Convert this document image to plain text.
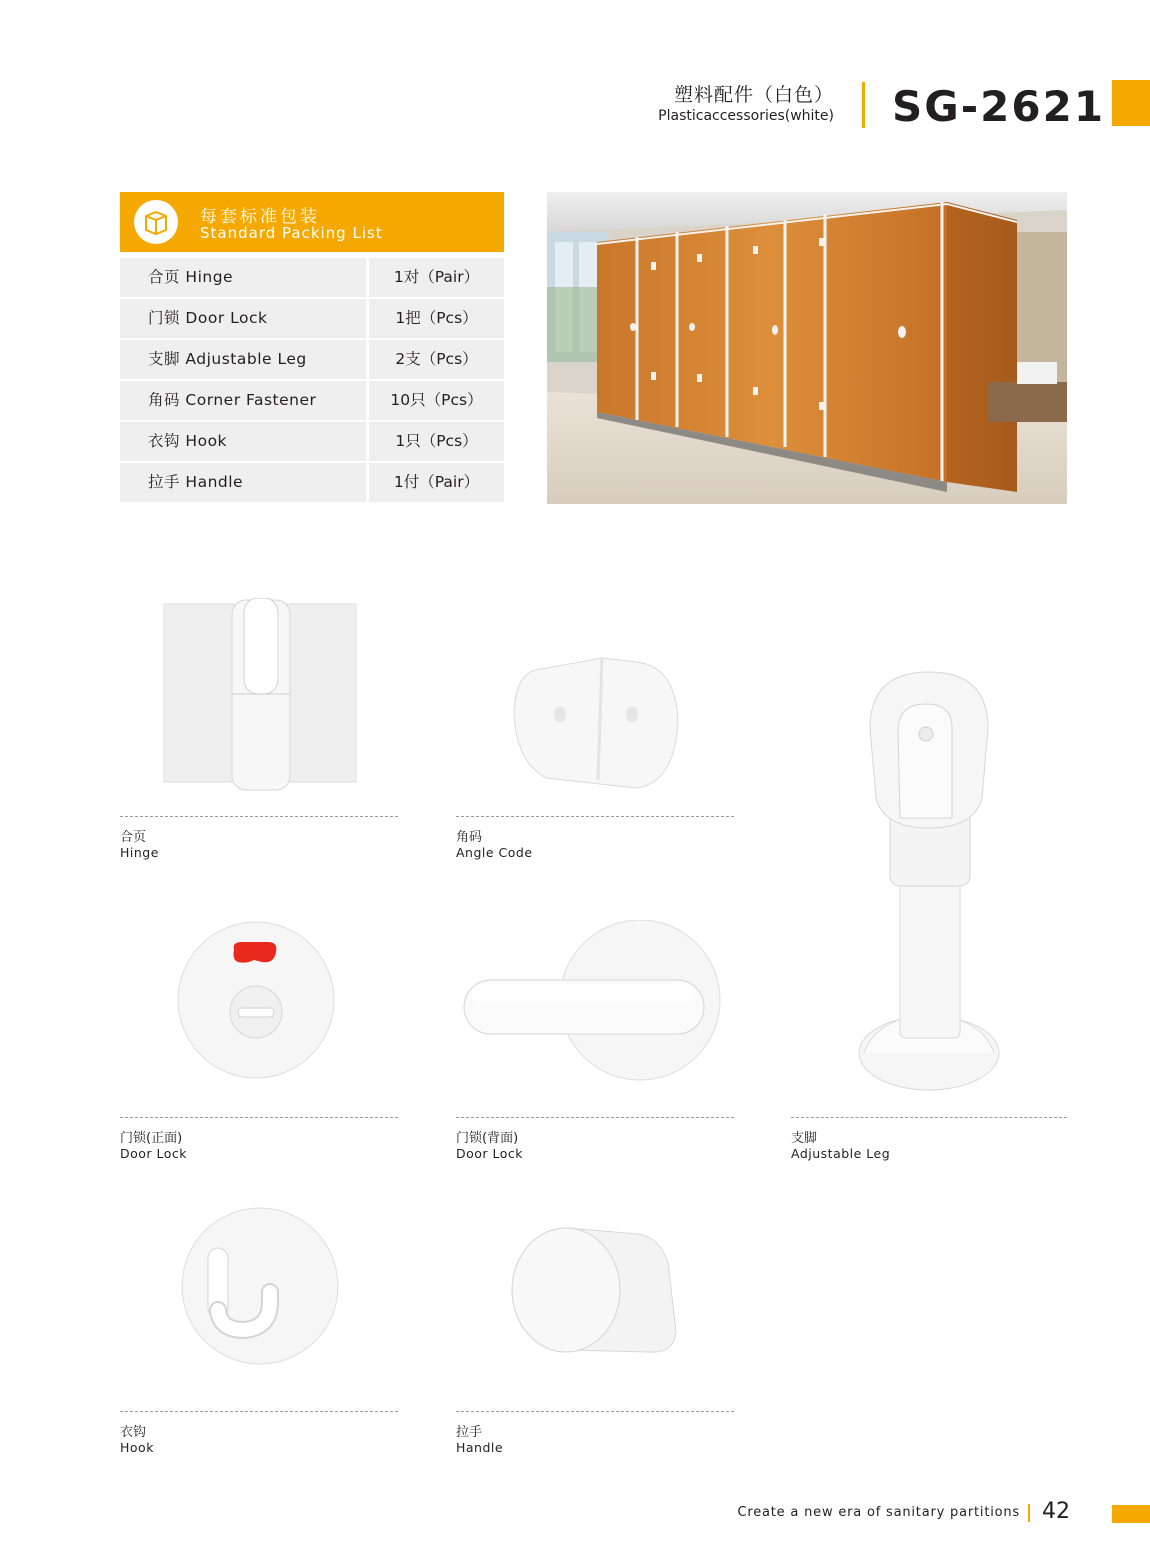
塑料配件（白色）
Plasticaccessories(white) SG-2621
每套标准包装
Standard Packing List
合页 Hinge	1对（Pair）
门锁 Door Lock	1把（Pcs）
支脚 Adjustable Leg	2支（Pcs）
角码 Corner Fastener	10只（Pcs）
衣钩 Hook	1只（Pcs）
拉手 Handle	1付（Pair）
合页
Hinge
角码
Angle Code
门锁(正面)
Door Lock
门锁(背面)
Door Lock
支脚
Adjustable Leg
衣钩
Hook
拉手
Handle
Create a new era of sanitary partitions 42
